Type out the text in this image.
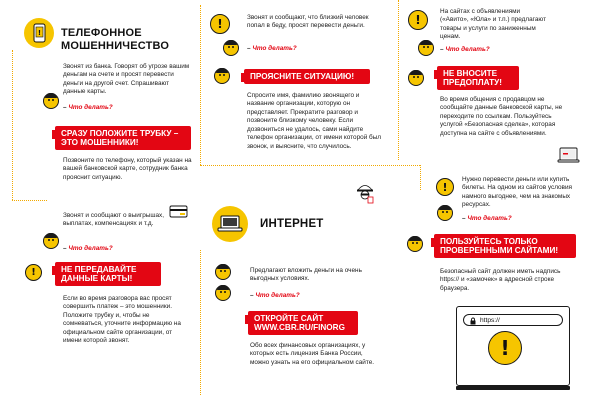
! ТЕЛЕФОННОЕ МОШЕННИЧЕСТВО
Звонят из банка. Говорят об угрозе вашим деньгам на счете и просят перевести деньги на другой счет. Спрашивают данные карты.
– Что делать?
СРАЗУ ПОЛОЖИТЕ ТРУБКУ – ЭТО МОШЕННИКИ!
Позвоните по телефону, который указан на вашей банковской карте, сотрудник банка прояснит ситуацию.
Звонят и сообщают о выигрышах, выплатах, компенсациях и т.д.
– Что делать?
!	НЕ ПЕРЕДАВАЙТЕ ДАННЫЕ КАРТЫ!
Если во время разговора вас просят совершить платеж – это мошенники. Положите трубку и, чтобы не сомневаться, уточните информацию на официальном сайте организации, от имени которой звонят.
!	Звонят и сообщают, что близкий человек попал в беду, просят перевести деньги.
– Что делать?
ПРОЯСНИТЕ СИТУАЦИЮ!
Спросите имя, фамилию звонящего и название организации, которую он представляет. Прекратите разговор и позвоните близкому человеку. Если дозвониться не удалось, сами найдите телефон организации, от имени которой был звонок, и выясните, что случилось.
ИНТЕРНЕТ
Предлагают вложить деньги на очень выгодных условиях.
– Что делать?
ОТКРОЙТЕ САЙТ WWW.CBR.RU/FINORG
Обо всех финансовых организациях, у которых есть лицензия Банка России, можно узнать на его официальном сайте.
!
На сайтах с объявлениями («Авито», «Юла» и т.п.) предлагают товары и услуги по заниженным ценам.
– Что делать?
НЕ ВНОСИТЕ ПРЕДОПЛАТУ!
Во время общения с продавцом не сообщайте данные банковской карты, не переходите по ссылкам. Пользуйтесь услугой «Безопасная сделка», которая доступна на сайте с объявлениями.
!
Нужно перевести деньги или купить билеты. На одном из сайтов условия намного выгоднее, чем на знакомых ресурсах.
– Что делать?
ПОЛЬЗУЙТЕСЬ ТОЛЬКО ПРОВЕРЕННЫМИ САЙТАМИ!
Безопасный сайт должен иметь надпись https:// и «замочек» в адресной строке браузера.
https://
!
